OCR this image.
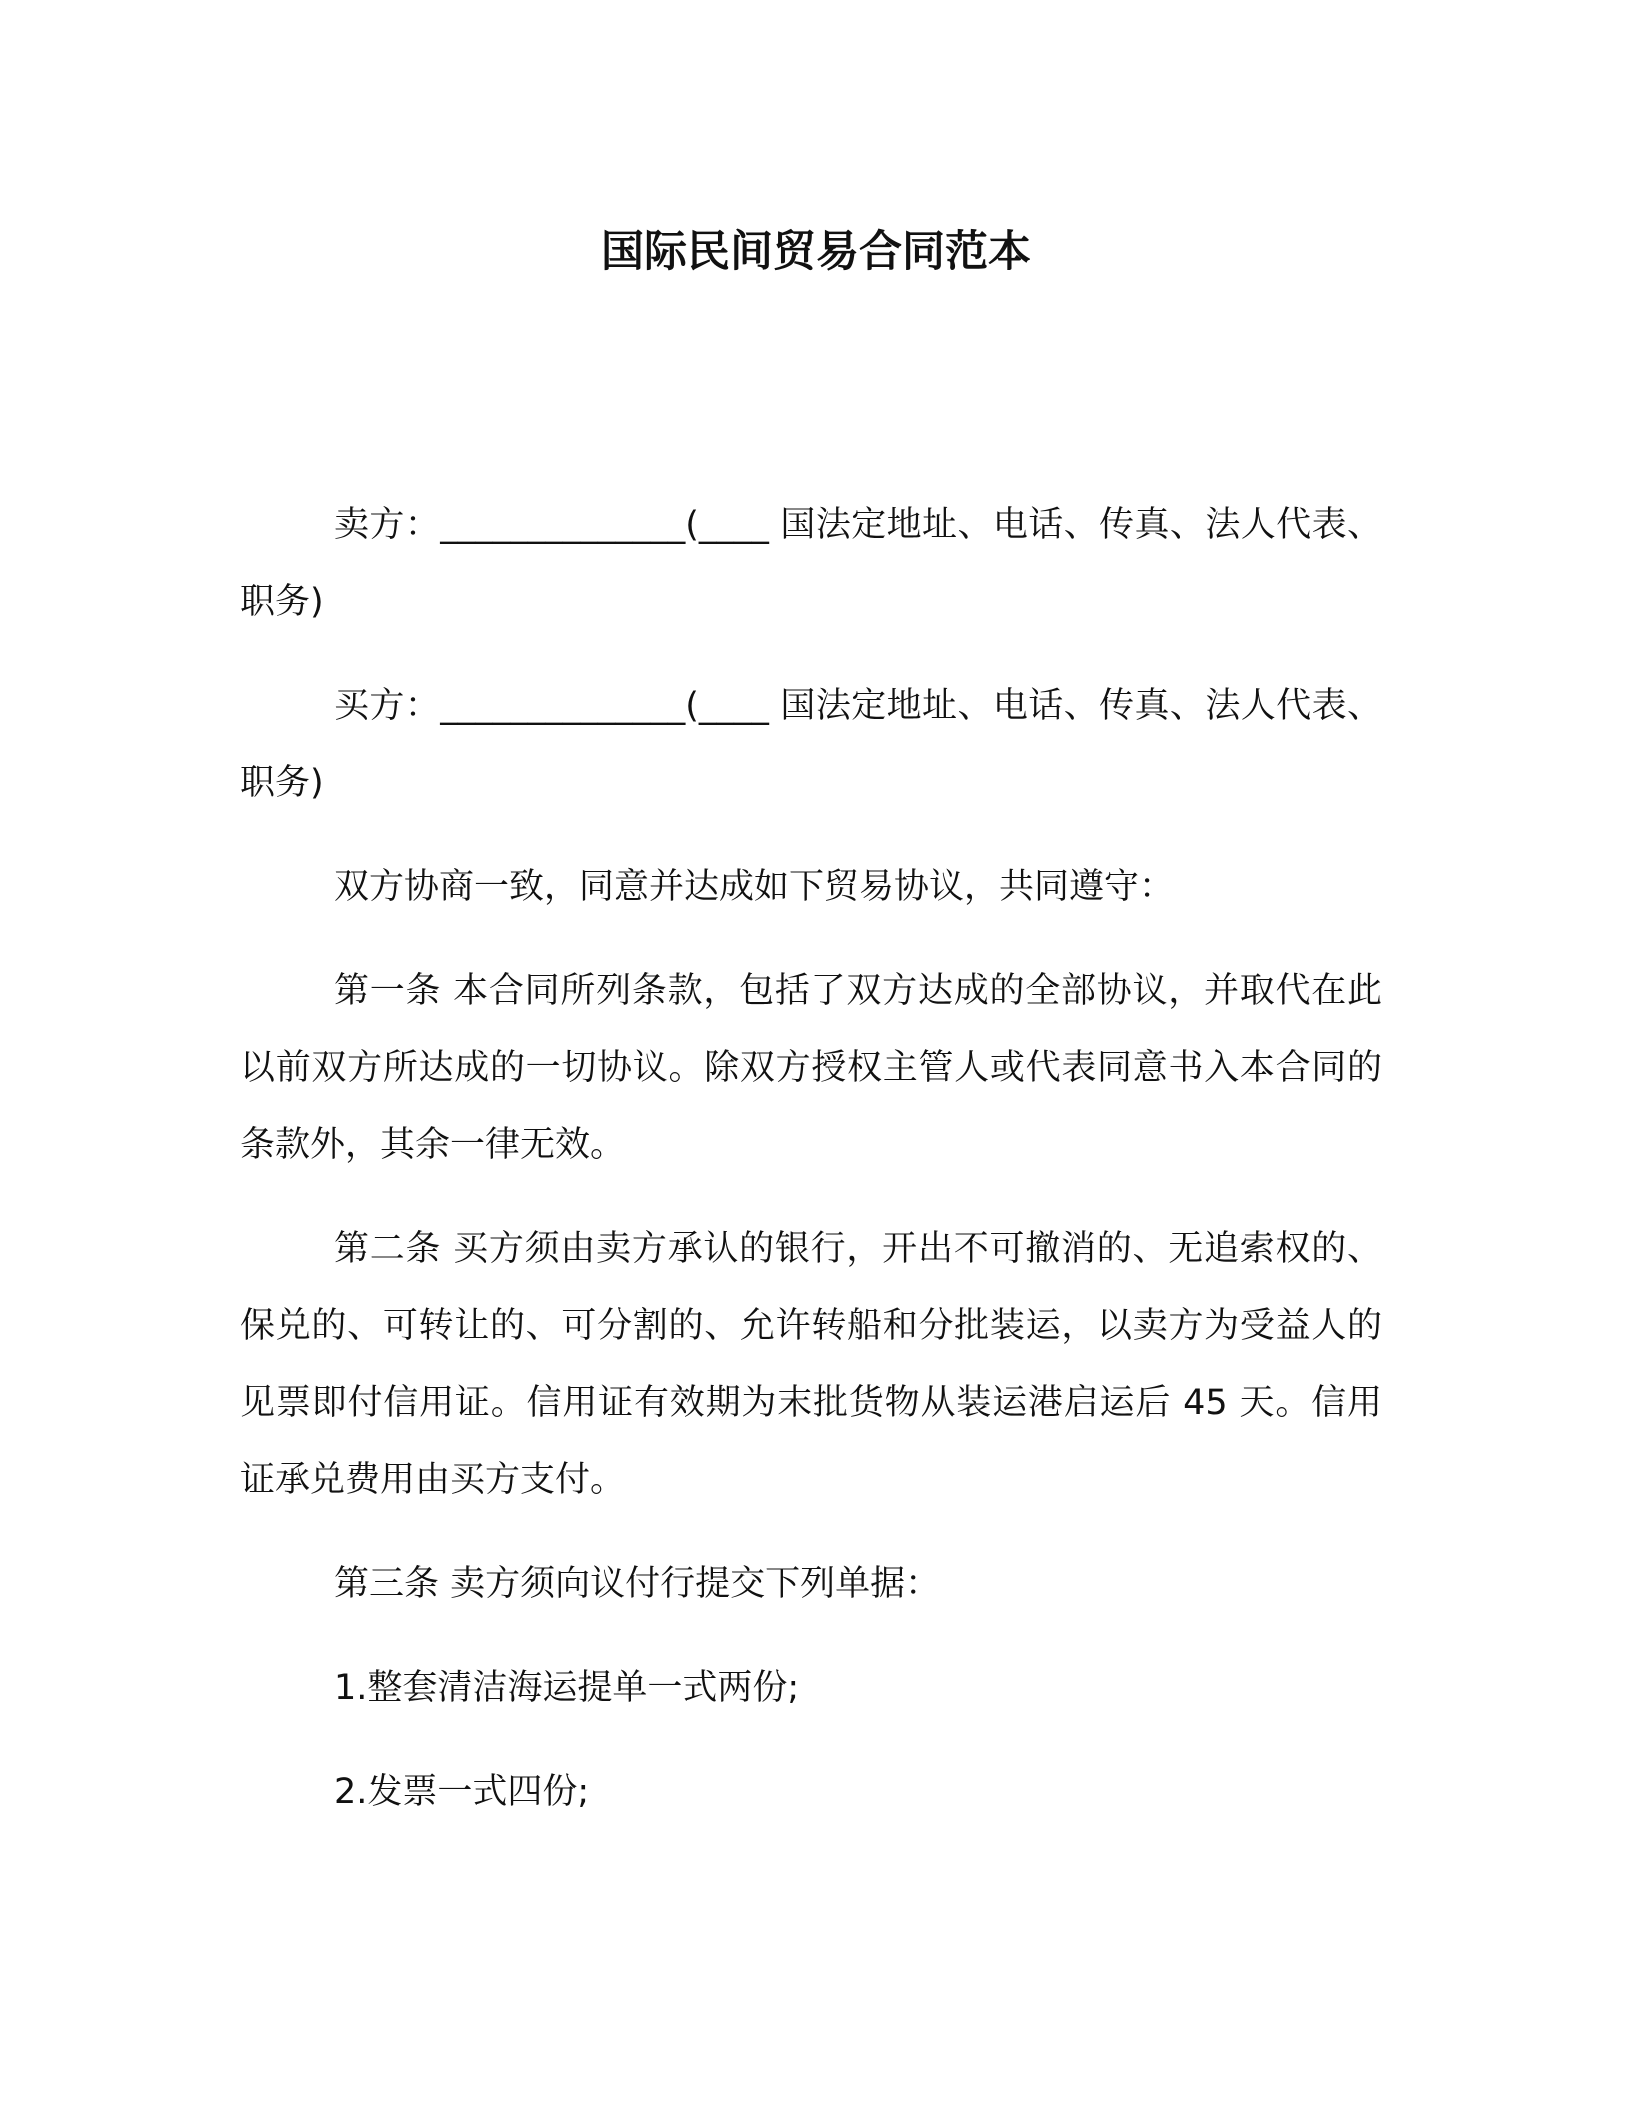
国际民间贸易合同范本

卖方：______________(____ 国法定地址、电话、传真、法人代表、职务)

买方：______________(____ 国法定地址、电话、传真、法人代表、职务)

双方协商一致，同意并达成如下贸易协议，共同遵守：

第一条 本合同所列条款，包括了双方达成的全部协议，并取代在此以前双方所达成的一切协议。除双方授权主管人或代表同意书入本合同的条款外，其余一律无效。

第二条 买方须由卖方承认的银行，开出不可撤消的、无追索权的、保兑的、可转让的、可分割的、允许转船和分批装运，以卖方为受益人的见票即付信用证。信用证有效期为末批货物从装运港启运后 45 天。信用证承兑费用由买方支付。

第三条 卖方须向议付行提交下列单据：

1.整套清洁海运提单一式两份;

2.发票一式四份;
